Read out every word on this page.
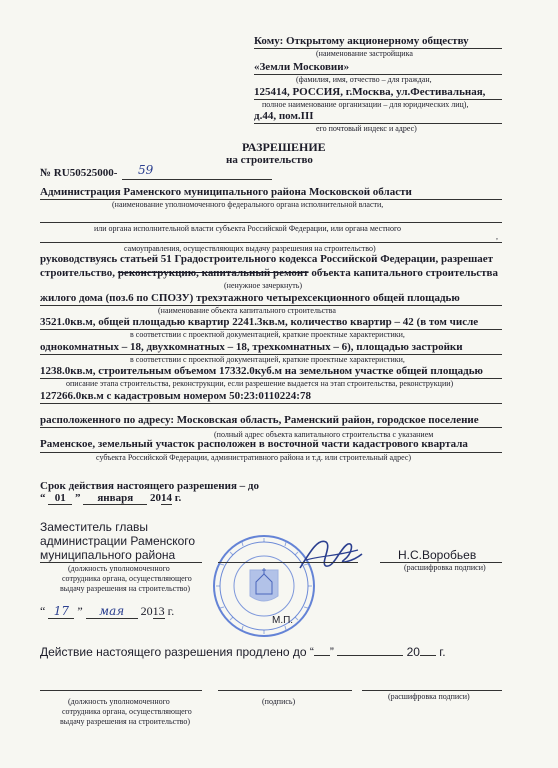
Кому: Открытому акционерному обществу
(наименование застройщика
«Земли Московии»
(фамилия, имя, отчество – для граждан,
125414, РОССИЯ, г.Москва, ул.Фестивальная,
полное наименование организации – для юридических лиц),
д.44, пом.III
его почтовый индекс и адрес)
РАЗРЕШЕНИЕ
на строительство
№ RU50525000- 59
Администрация Раменского муниципального района Московской области
(наименование уполномоченного федерального органа исполнительной власти,
или органа исполнительной власти субъекта Российской Федерации, или органа местного
,
самоуправления, осуществляющих выдачу разрешения на строительство)
руководствуясь статьей 51 Градостроительного кодекса Российской Федерации, разрешает
строительство, реконструкцию, капитальный ремонт объекта капитального строительства
(ненужное зачеркнуть)
жилого дома (поз.6 по СПОЗУ) трехэтажного четырехсекционного общей площадью
(наименование объекта капитального строительства
3521.0кв.м, общей площадью квартир 2241.3кв.м, количество квартир – 42 (в том числе
в соответствии с проектной документацией, краткие проектные характеристики,
однокомнатных – 18, двухкомнатных – 18, трехкомнатных – 6), площадью застройки
в соответствии с проектной документацией, краткие проектные характеристики,
1238.0кв.м, строительным объемом 17332.0куб.м на земельном участке общей площадью
описание этапа строительства, реконструкции, если разрешение выдается на этап строительства, реконструкции)
127266.0кв.м с кадастровым номером 50:23:0110224:78
расположенного по адресу: Московская область, Раменский район, городское поселение
(полный адрес объекта капитального строительства с указанием
Раменское, земельный участок расположен в восточной части кадастрового квартала
субъекта Российской Федерации, административного района и т.д. или строительный адрес)
Срок действия настоящего разрешения – до
“ 01 ” января 2014 г.
Заместитель главы
администрации Раменского
муниципального района
(должность уполномоченного
сотрудника органа, осуществляющего
выдачу разрешения на строительство)
М.П.
Н.С.Воробьев
(расшифровка подписи)
“ 17 ” мая 2013 г.
Действие настоящего разрешения продлено до “ ”	20 г.
(должность уполномоченного
сотрудника органа, осуществляющего
выдачу разрешения на строительство)
(подпись)
(расшифровка подписи)
